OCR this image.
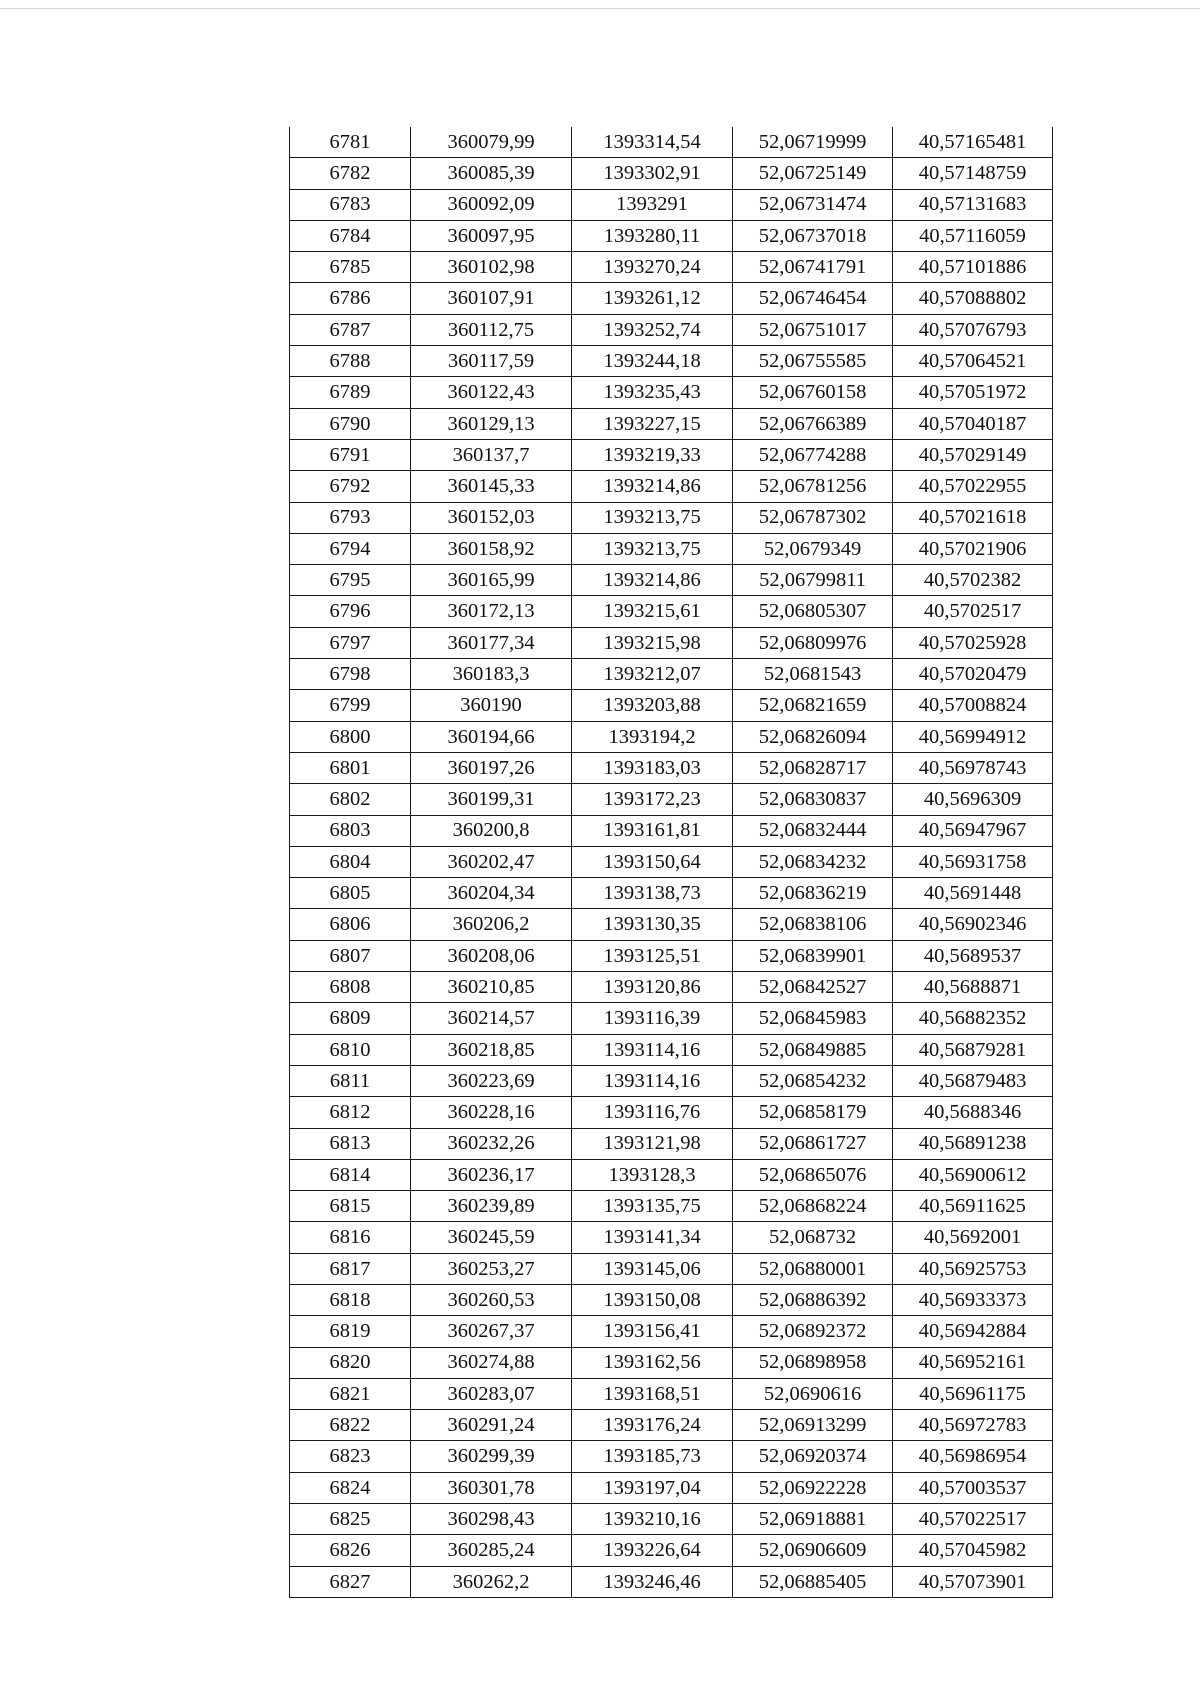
6781	360079,99	1393314,54	52,06719999	40,57165481
6782	360085,39	1393302,91	52,06725149	40,57148759
6783	360092,09	1393291	52,06731474	40,57131683
6784	360097,95	1393280,11	52,06737018	40,57116059
6785	360102,98	1393270,24	52,06741791	40,57101886
6786	360107,91	1393261,12	52,06746454	40,57088802
6787	360112,75	1393252,74	52,06751017	40,57076793
6788	360117,59	1393244,18	52,06755585	40,57064521
6789	360122,43	1393235,43	52,06760158	40,57051972
6790	360129,13	1393227,15	52,06766389	40,57040187
6791	360137,7	1393219,33	52,06774288	40,57029149
6792	360145,33	1393214,86	52,06781256	40,57022955
6793	360152,03	1393213,75	52,06787302	40,57021618
6794	360158,92	1393213,75	52,0679349	40,57021906
6795	360165,99	1393214,86	52,06799811	40,5702382
6796	360172,13	1393215,61	52,06805307	40,5702517
6797	360177,34	1393215,98	52,06809976	40,57025928
6798	360183,3	1393212,07	52,0681543	40,57020479
6799	360190	1393203,88	52,06821659	40,57008824
6800	360194,66	1393194,2	52,06826094	40,56994912
6801	360197,26	1393183,03	52,06828717	40,56978743
6802	360199,31	1393172,23	52,06830837	40,5696309
6803	360200,8	1393161,81	52,06832444	40,56947967
6804	360202,47	1393150,64	52,06834232	40,56931758
6805	360204,34	1393138,73	52,06836219	40,5691448
6806	360206,2	1393130,35	52,06838106	40,56902346
6807	360208,06	1393125,51	52,06839901	40,5689537
6808	360210,85	1393120,86	52,06842527	40,5688871
6809	360214,57	1393116,39	52,06845983	40,56882352
6810	360218,85	1393114,16	52,06849885	40,56879281
6811	360223,69	1393114,16	52,06854232	40,56879483
6812	360228,16	1393116,76	52,06858179	40,5688346
6813	360232,26	1393121,98	52,06861727	40,56891238
6814	360236,17	1393128,3	52,06865076	40,56900612
6815	360239,89	1393135,75	52,06868224	40,56911625
6816	360245,59	1393141,34	52,068732	40,5692001
6817	360253,27	1393145,06	52,06880001	40,56925753
6818	360260,53	1393150,08	52,06886392	40,56933373
6819	360267,37	1393156,41	52,06892372	40,56942884
6820	360274,88	1393162,56	52,06898958	40,56952161
6821	360283,07	1393168,51	52,0690616	40,56961175
6822	360291,24	1393176,24	52,06913299	40,56972783
6823	360299,39	1393185,73	52,06920374	40,56986954
6824	360301,78	1393197,04	52,06922228	40,57003537
6825	360298,43	1393210,16	52,06918881	40,57022517
6826	360285,24	1393226,64	52,06906609	40,57045982
6827	360262,2	1393246,46	52,06885405	40,57073901
